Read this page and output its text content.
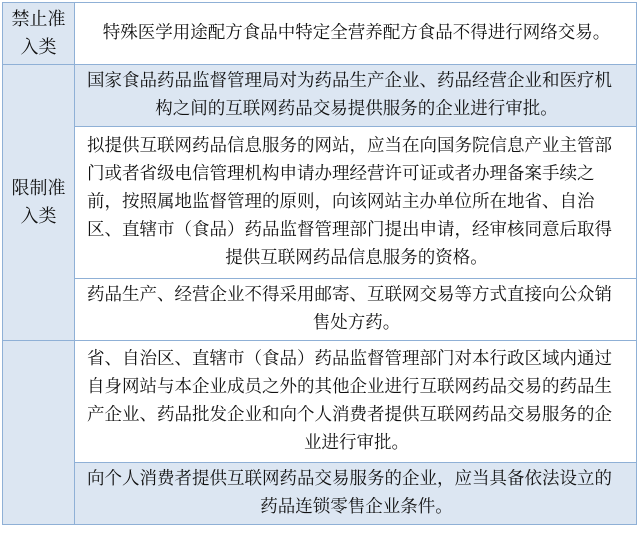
禁止准入类	特殊医学用途配方食品中特定全营养配方食品不得进行网络交易。

限制准入类	国家食品药品监督管理局对为药品生产企业、药品经营企业和医疗机构之间的互联网药品交易提供服务的企业进行审批。

	拟提供互联网药品信息服务的网站，应当在向国务院信息产业主管部门或者省级电信管理机构申请办理经营许可证或者办理备案手续之前，按照属地监督管理的原则，向该网站主办单位所在地省、自治区、直辖市（食品）药品监督管理部门提出申请，经审核同意后取得提供互联网药品信息服务的资格。

	药品生产、经营企业不得采用邮寄、互联网交易等方式直接向公众销售处方药。

	省、自治区、直辖市（食品）药品监督管理部门对本行政区域内通过自身网站与本企业成员之外的其他企业进行互联网药品交易的药品生产企业、药品批发企业和向个人消费者提供互联网药品交易服务的企业进行审批。

	向个人消费者提供互联网药品交易服务的企业，应当具备依法设立的药品连锁零售企业条件。
